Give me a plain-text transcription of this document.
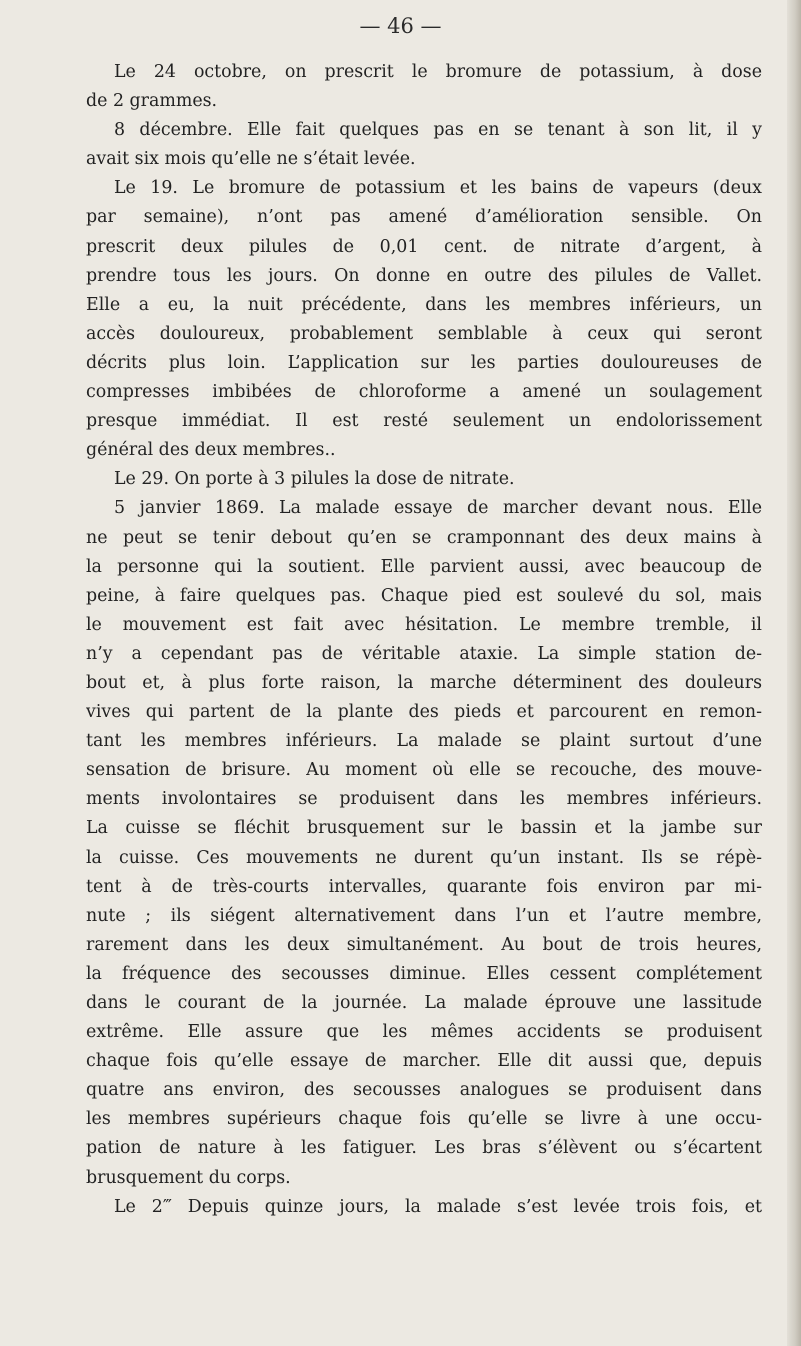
— 46 —

Le 24 octobre, on prescrit le bromure de potassium, à dose
de 2 grammes.
8 décembre. Elle fait quelques pas en se tenant à son lit, il y
avait six mois qu’elle ne s’était levée.
Le 19. Le bromure de potassium et les bains de vapeurs (deux
par semaine), n’ont pas amené d’amélioration sensible. On
prescrit deux pilules de 0,01 cent. de nitrate d’argent, à
prendre tous les jours. On donne en outre des pilules de Vallet.
Elle a eu, la nuit précédente, dans les membres inférieurs, un
accès douloureux, probablement semblable à ceux qui seront
décrits plus loin. L’application sur les parties douloureuses de
compresses imbibées de chloroforme a amené un soulagement
presque immédiat. Il est resté seulement un endolorissement
général des deux membres..
Le 29. On porte à 3 pilules la dose de nitrate.
5 janvier 1869. La malade essaye de marcher devant nous. Elle
ne peut se tenir debout qu’en se cramponnant des deux mains à
la personne qui la soutient. Elle parvient aussi, avec beaucoup de
peine, à faire quelques pas. Chaque pied est soulevé du sol, mais
le mouvement est fait avec hésitation. Le membre tremble, il
n’y a cependant pas de véritable ataxie. La simple station de-
bout et, à plus forte raison, la marche déterminent des douleurs
vives qui partent de la plante des pieds et parcourent en remon-
tant les membres inférieurs. La malade se plaint surtout d’une
sensation de brisure. Au moment où elle se recouche, des mouve-
ments involontaires se produisent dans les membres inférieurs.
La cuisse se fléchit brusquement sur le bassin et la jambe sur
la cuisse. Ces mouvements ne durent qu’un instant. Ils se répè-
tent à de très-courts intervalles, quarante fois environ par mi-
nute ; ils siégent alternativement dans l’un et l’autre membre,
rarement dans les deux simultanément. Au bout de trois heures,
la fréquence des secousses diminue. Elles cessent complétement
dans le courant de la journée. La malade éprouve une lassitude
extrême. Elle assure que les mêmes accidents se produisent
chaque fois qu’elle essaye de marcher. Elle dit aussi que, depuis
quatre ans environ, des secousses analogues se produisent dans
les membres supérieurs chaque fois qu’elle se livre à une occu-
pation de nature à les fatiguer. Les bras s’élèvent ou s’écartent
brusquement du corps.
Le 2‴ Depuis quinze jours, la malade s’est levée trois fois, et
